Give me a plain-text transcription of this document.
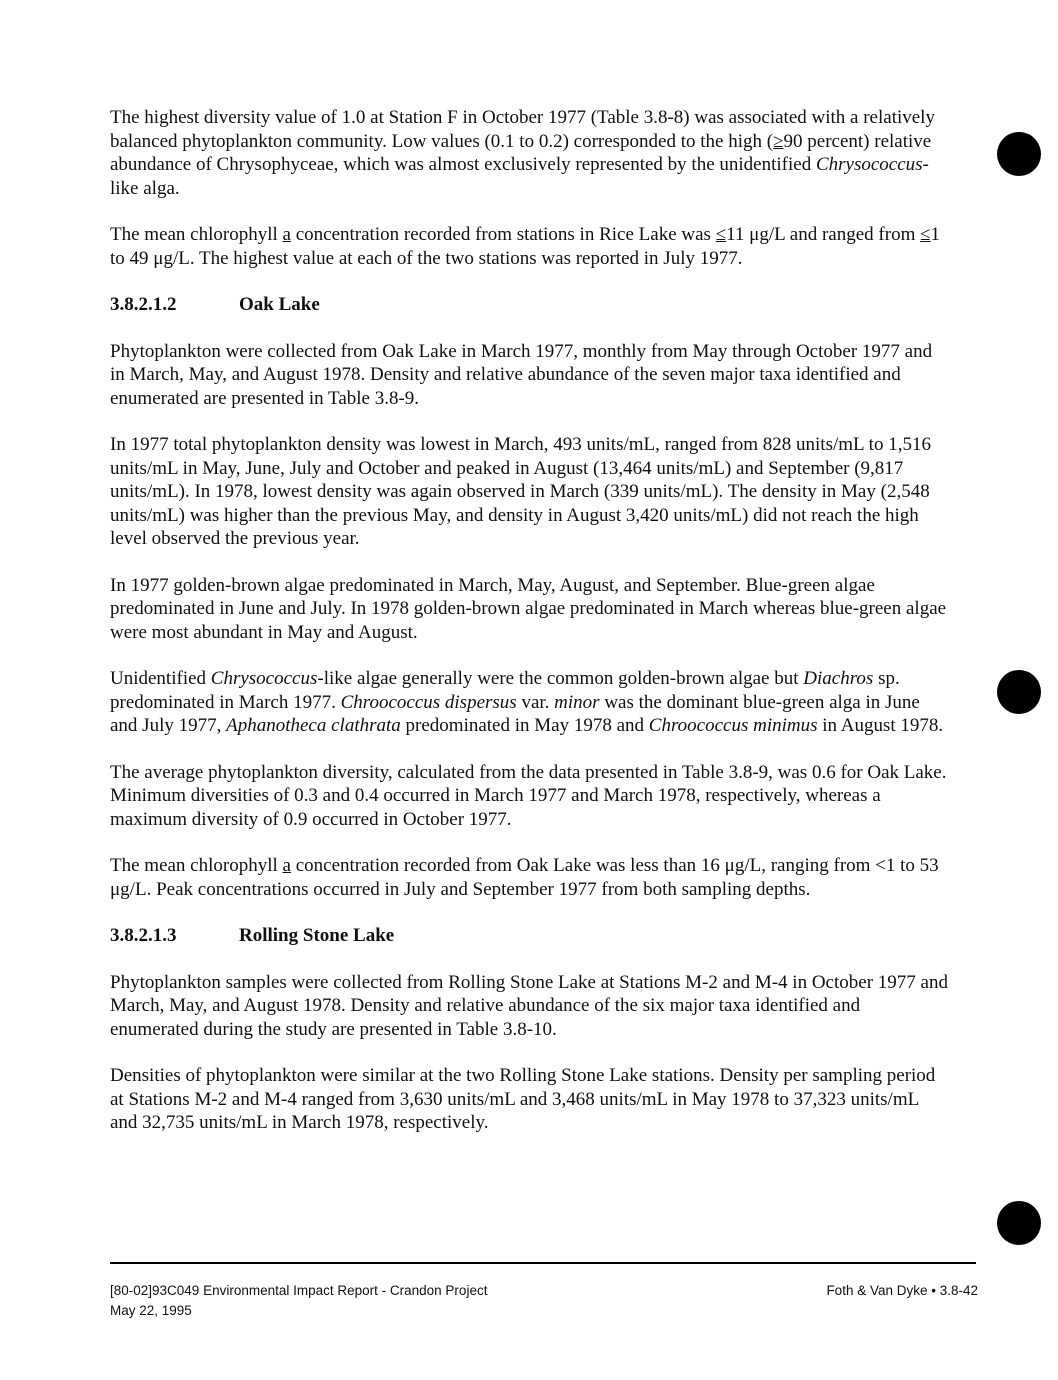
The highest diversity value of 1.0 at Station F in October 1977 (Table 3.8-8) was associated with a relatively balanced phytoplankton community. Low values (0.1 to 0.2) corresponded to the high (≥90 percent) relative abundance of Chrysophyceae, which was almost exclusively represented by the unidentified Chrysococcus-like alga.

The mean chlorophyll a concentration recorded from stations in Rice Lake was ≤11 μg/L and ranged from ≤1 to 49 μg/L. The highest value at each of the two stations was reported in July 1977.

3.8.2.1.2	Oak Lake

Phytoplankton were collected from Oak Lake in March 1977, monthly from May through October 1977 and in March, May, and August 1978. Density and relative abundance of the seven major taxa identified and enumerated are presented in Table 3.8-9.

In 1977 total phytoplankton density was lowest in March, 493 units/mL, ranged from 828 units/mL to 1,516 units/mL in May, June, July and October and peaked in August (13,464 units/mL) and September (9,817 units/mL). In 1978, lowest density was again observed in March (339 units/mL). The density in May (2,548 units/mL) was higher than the previous May, and density in August 3,420 units/mL) did not reach the high level observed the previous year.

In 1977 golden-brown algae predominated in March, May, August, and September. Blue-green algae predominated in June and July. In 1978 golden-brown algae predominated in March whereas blue-green algae were most abundant in May and August.

Unidentified Chrysococcus-like algae generally were the common golden-brown algae but Diachros sp. predominated in March 1977. Chroococcus dispersus var. minor was the dominant blue-green alga in June and July 1977, Aphanotheca clathrata predominated in May 1978 and Chroococcus minimus in August 1978.

The average phytoplankton diversity, calculated from the data presented in Table 3.8-9, was 0.6 for Oak Lake. Minimum diversities of 0.3 and 0.4 occurred in March 1977 and March 1978, respectively, whereas a maximum diversity of 0.9 occurred in October 1977.

The mean chlorophyll a concentration recorded from Oak Lake was less than 16 μg/L, ranging from <1 to 53 μg/L. Peak concentrations occurred in July and September 1977 from both sampling depths.

3.8.2.1.3	Rolling Stone Lake

Phytoplankton samples were collected from Rolling Stone Lake at Stations M-2 and M-4 in October 1977 and March, May, and August 1978. Density and relative abundance of the six major taxa identified and enumerated during the study are presented in Table 3.8-10.

Densities of phytoplankton were similar at the two Rolling Stone Lake stations. Density per sampling period at Stations M-2 and M-4 ranged from 3,630 units/mL and 3,468 units/mL in May 1978 to 37,323 units/mL and 32,735 units/mL in March 1978, respectively.

[80-02]93C049 Environmental Impact Report - Crandon Project
May 22, 1995
Foth & Van Dyke • 3.8-42
